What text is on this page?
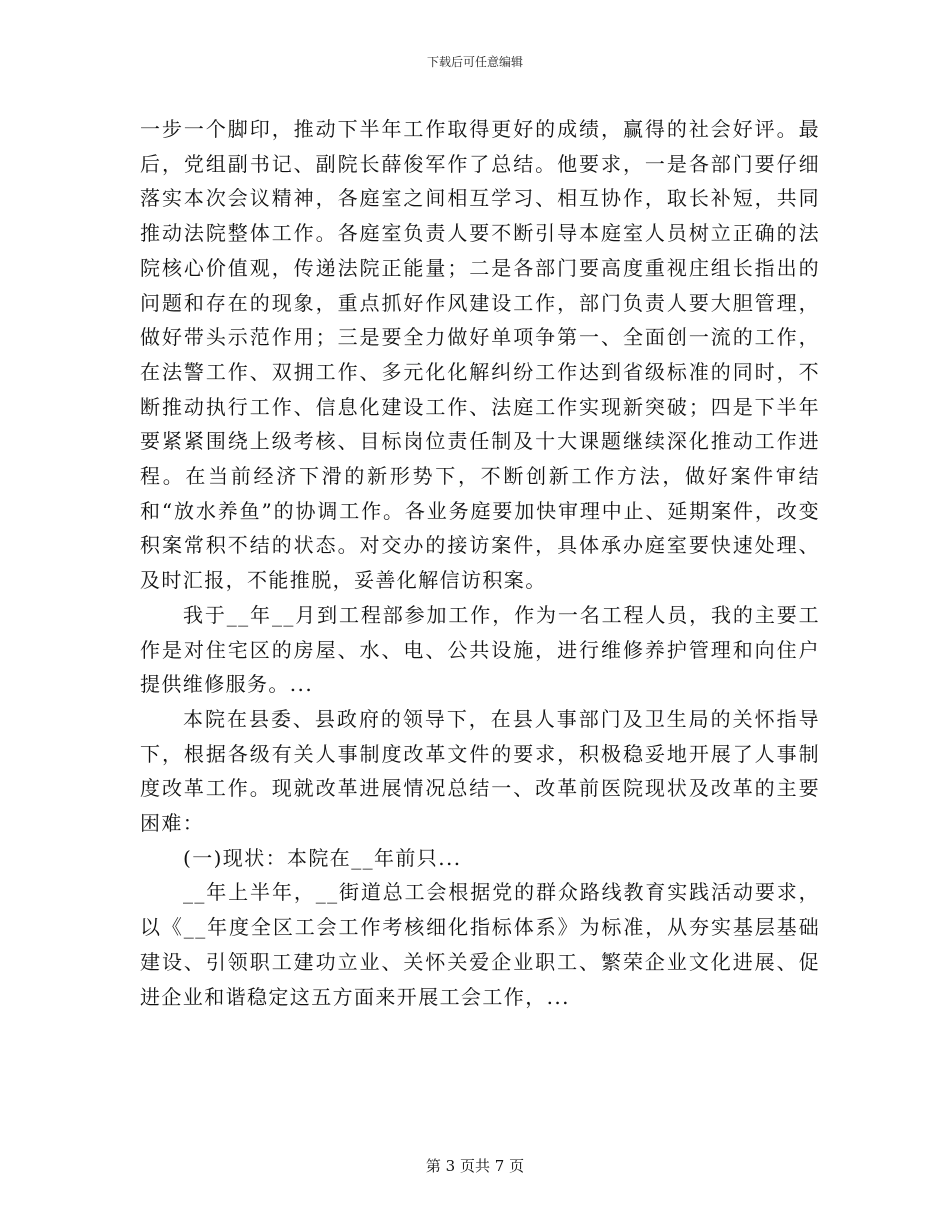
下载后可任意编辑

一步一个脚印，推动下半年工作取得更好的成绩，赢得的社会好评。最后，党组副书记、副院长薛俊军作了总结。他要求，一是各部门要仔细落实本次会议精神，各庭室之间相互学习、相互协作，取长补短，共同推动法院整体工作。各庭室负责人要不断引导本庭室人员树立正确的法院核心价值观，传递法院正能量；二是各部门要高度重视庄组长指出的问题和存在的现象，重点抓好作风建设工作，部门负责人要大胆管理，做好带头示范作用；三是要全力做好单项争第一、全面创一流的工作，在法警工作、双拥工作、多元化化解纠纷工作达到省级标准的同时，不断推动执行工作、信息化建设工作、法庭工作实现新突破；四是下半年要紧紧围绕上级考核、目标岗位责任制及十大课题继续深化推动工作进程。在当前经济下滑的新形势下，不断创新工作方法，做好案件审结和“放水养鱼”的协调工作。各业务庭要加快审理中止、延期案件，改变积案常积不结的状态。对交办的接访案件，具体承办庭室要快速处理、及时汇报，不能推脱，妥善化解信访积案。

我于__年__月到工程部参加工作，作为一名工程人员，我的主要工作是对住宅区的房屋、水、电、公共设施，进行维修养护管理和向住户提供维修服务。...

本院在县委、县政府的领导下，在县人事部门及卫生局的关怀指导下，根据各级有关人事制度改革文件的要求，积极稳妥地开展了人事制度改革工作。现就改革进展情况总结一、改革前医院现状及改革的主要困难：

(一)现状：本院在__年前只...

__年上半年，__街道总工会根据党的群众路线教育实践活动要求，以《__年度全区工会工作考核细化指标体系》为标准，从夯实基层基础建设、引领职工建功立业、关怀关爱企业职工、繁荣企业文化进展、促进企业和谐稳定这五方面来开展工会工作，...

第 3 页共 7 页
